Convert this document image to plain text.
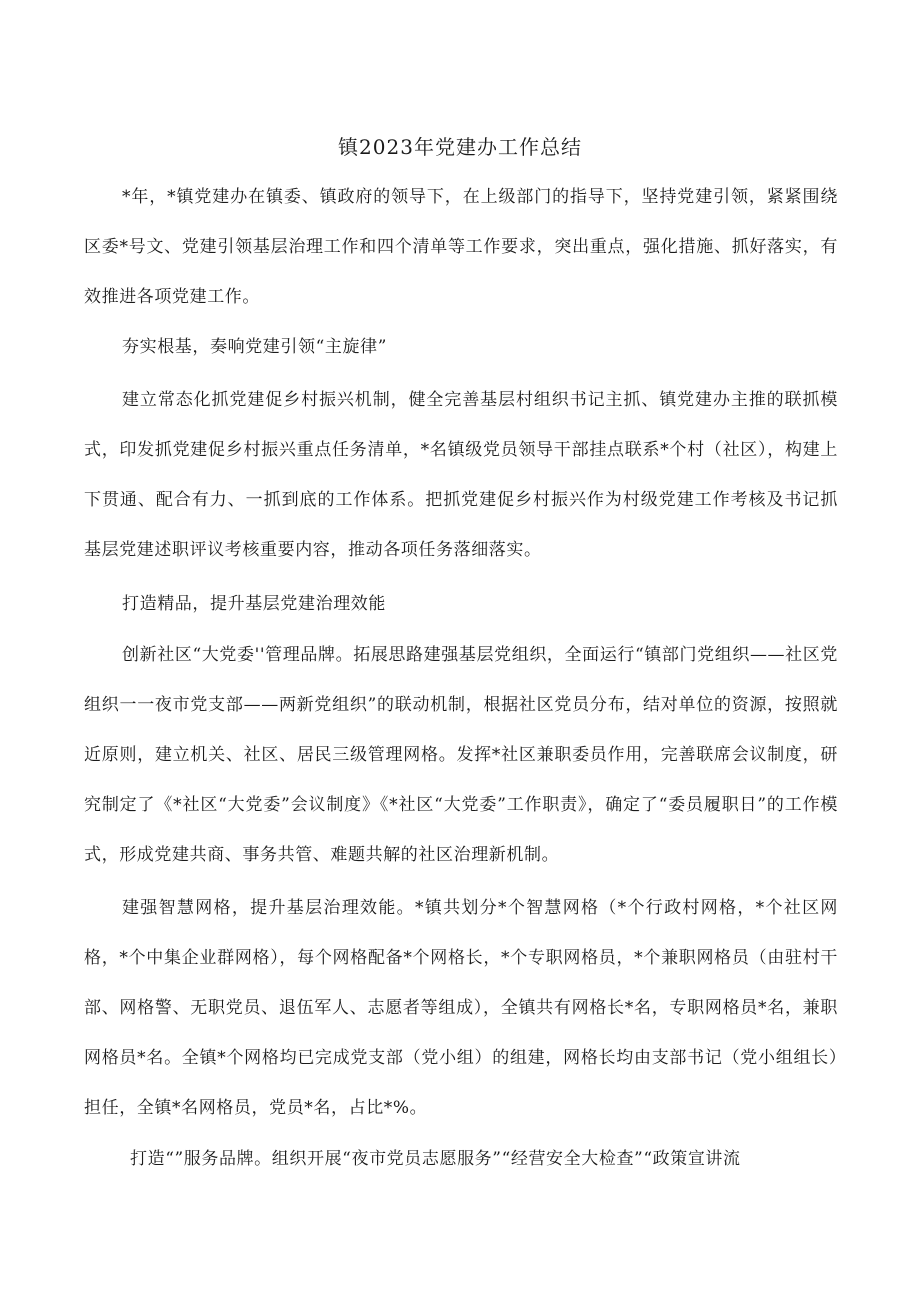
镇2023年党建办工作总结

*年，*镇党建办在镇委、镇政府的领导下，在上级部门的指导下，坚持党建引领，紧紧围绕区委*号文、党建引领基层治理工作和四个清单等工作要求，突出重点，强化措施、抓好落实，有效推进各项党建工作。

夯实根基，奏响党建引领“主旋律”

建立常态化抓党建促乡村振兴机制，健全完善基层村组织书记主抓、镇党建办主推的联抓模式，印发抓党建促乡村振兴重点任务清单，*名镇级党员领导干部挂点联系*个村（社区），构建上下贯通、配合有力、一抓到底的工作体系。把抓党建促乡村振兴作为村级党建工作考核及书记抓基层党建述职评议考核重要内容，推动各项任务落细落实。

打造精品，提升基层党建治理效能

创新社区“大党委''管理品牌。拓展思路建强基层党组织，全面运行“镇部门党组织——社区党组织一一夜市党支部——两新党组织”的联动机制，根据社区党员分布，结对单位的资源，按照就近原则，建立机关、社区、居民三级管理网格。发挥*社区兼职委员作用，完善联席会议制度，研究制定了《*社区“大党委”会议制度》《*社区“大党委”工作职责》，确定了“委员履职日”的工作模式，形成党建共商、事务共管、难题共解的社区治理新机制。

建强智慧网格，提升基层治理效能。*镇共划分*个智慧网格（*个行政村网格，*个社区网格，*个中集企业群网格），每个网格配备*个网格长，*个专职网格员，*个兼职网格员（由驻村干部、网格警、无职党员、退伍军人、志愿者等组成），全镇共有网格长*名，专职网格员*名，兼职网格员*名。全镇*个网格均已完成党支部（党小组）的组建，网格长均由支部书记（党小组组长）担任，全镇*名网格员，党员*名，占比*%。

打造“”服务品牌。组织开展“夜市党员志愿服务”“经营安全大检查”“政策宣讲流
